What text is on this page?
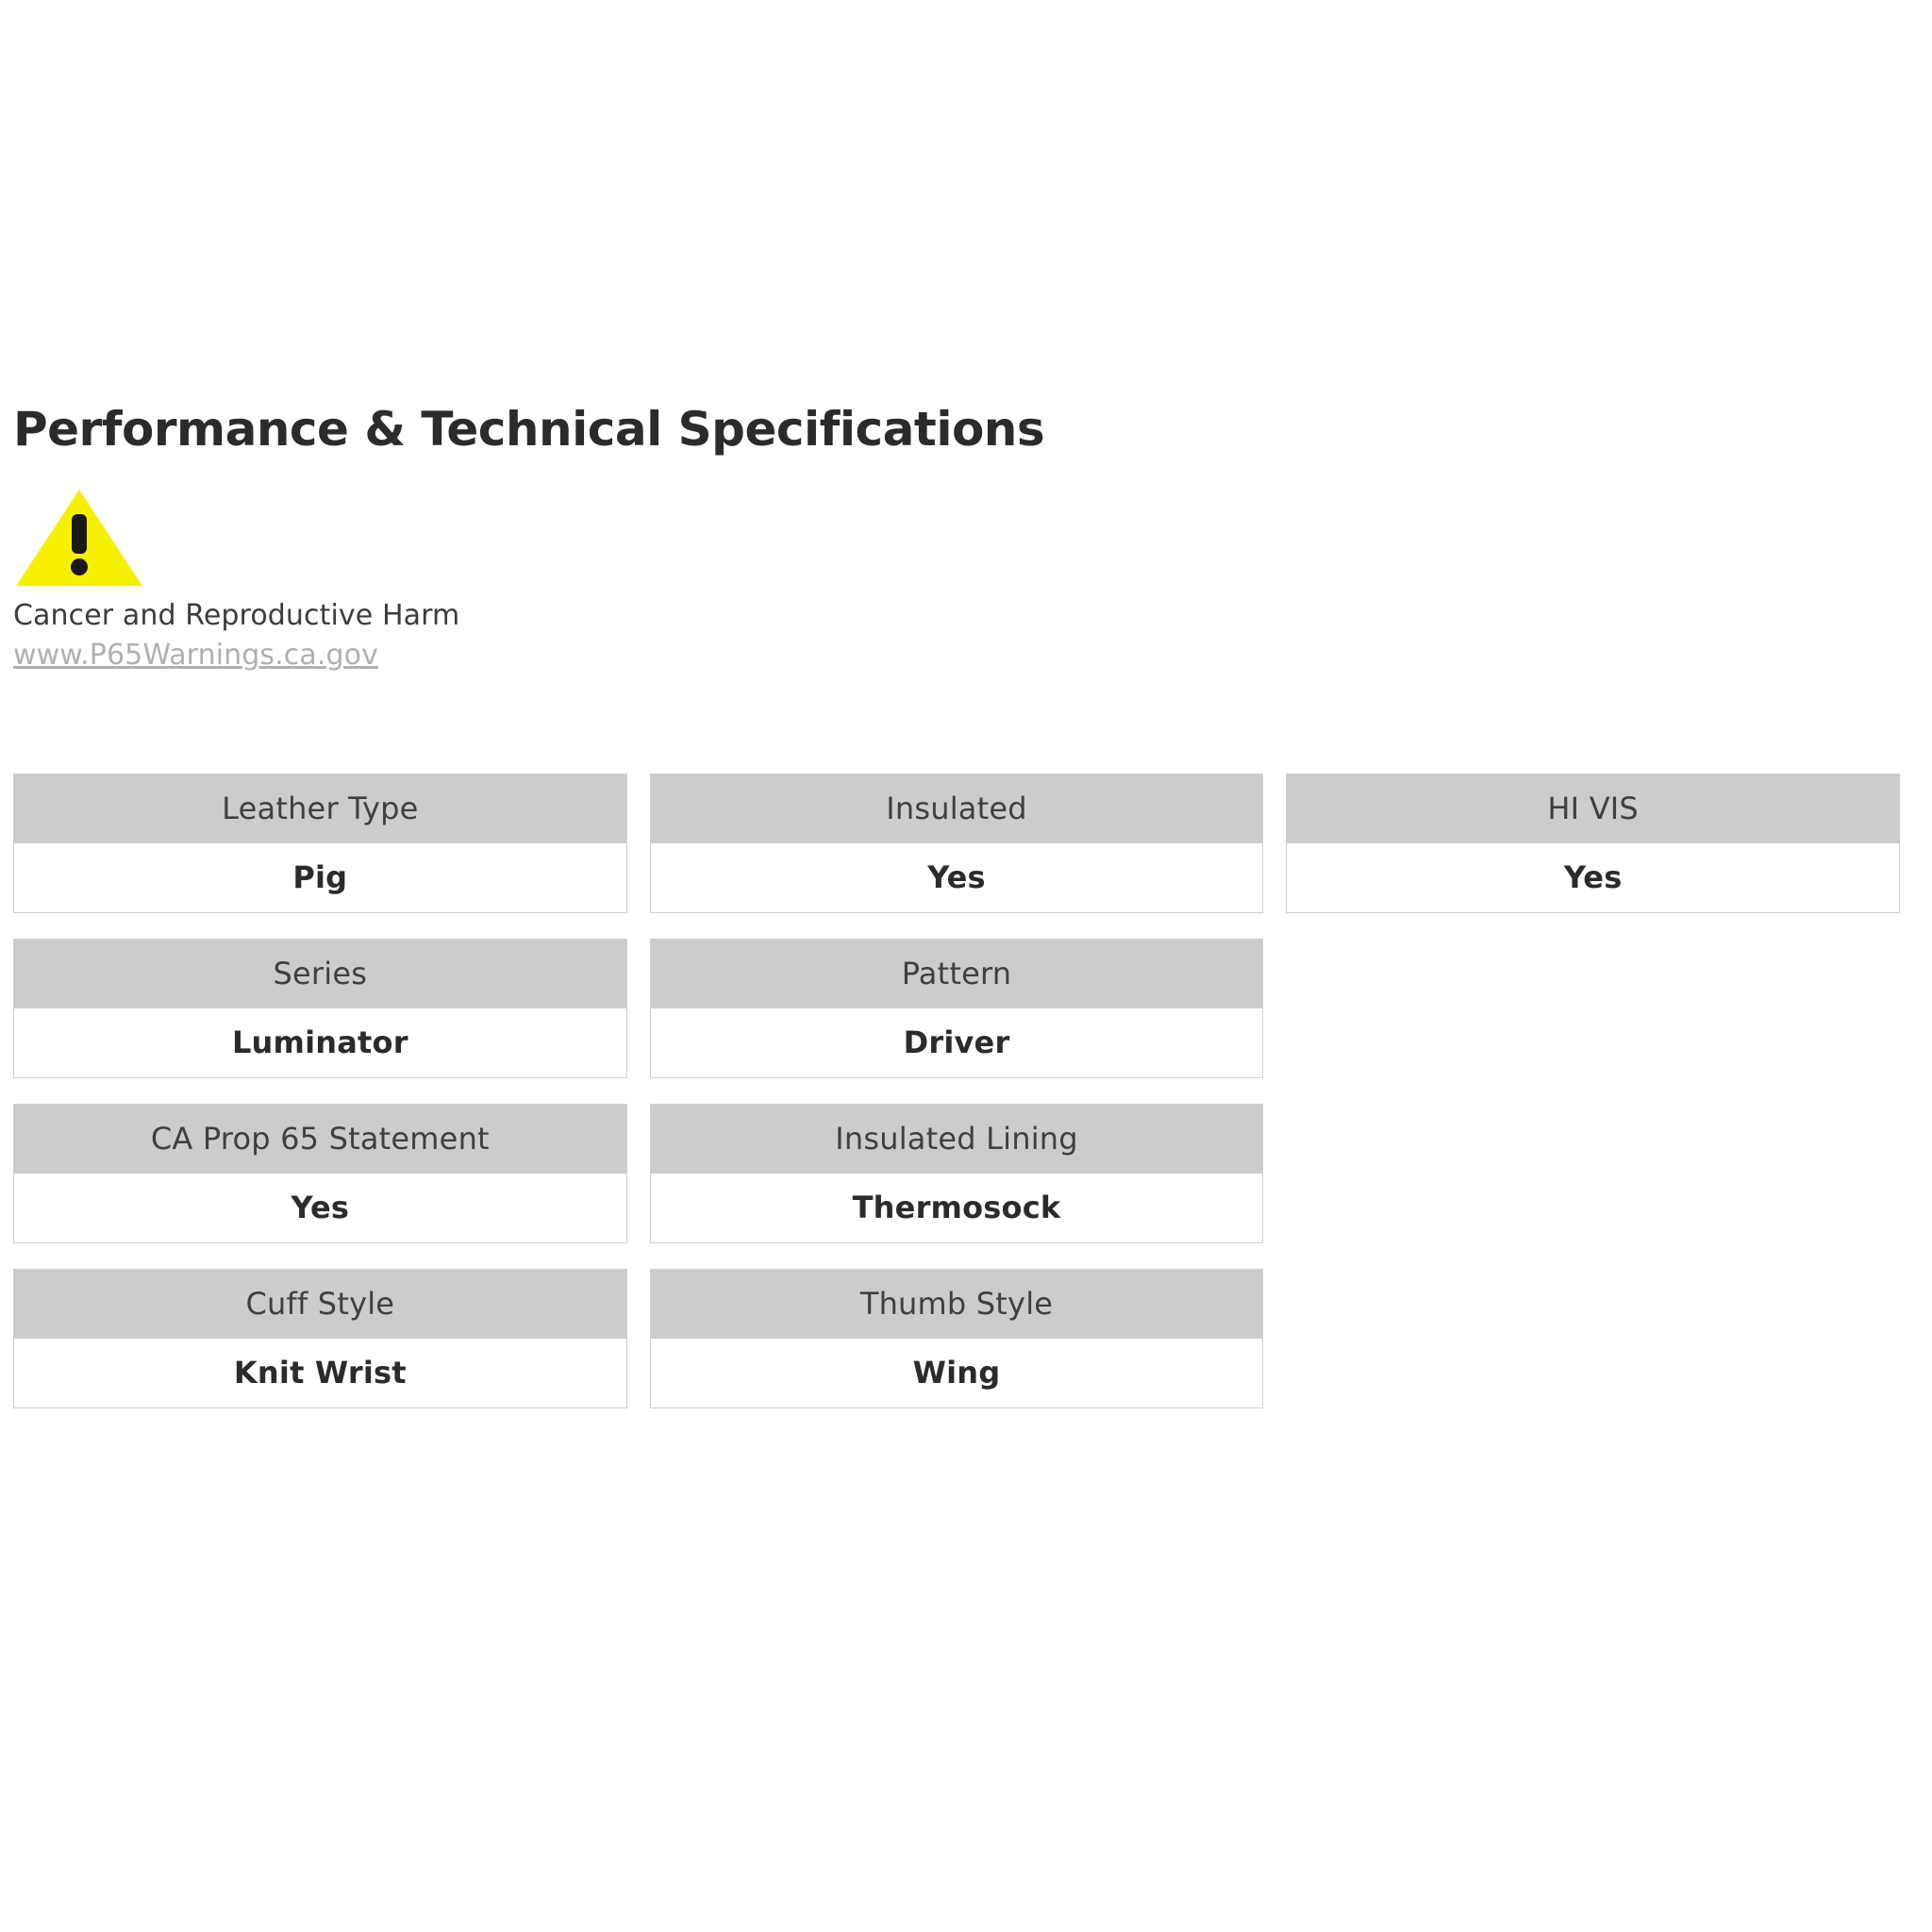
Performance & Technical Specifications
Cancer and Reproductive Harm
www.P65Warnings.ca.gov
Leather Type
Pig
Insulated
Yes
HI VIS
Yes
Series
Luminator
Pattern
Driver
CA Prop 65 Statement
Yes
Insulated Lining
Thermosock
Cuff Style
Knit Wrist
Thumb Style
Wing
